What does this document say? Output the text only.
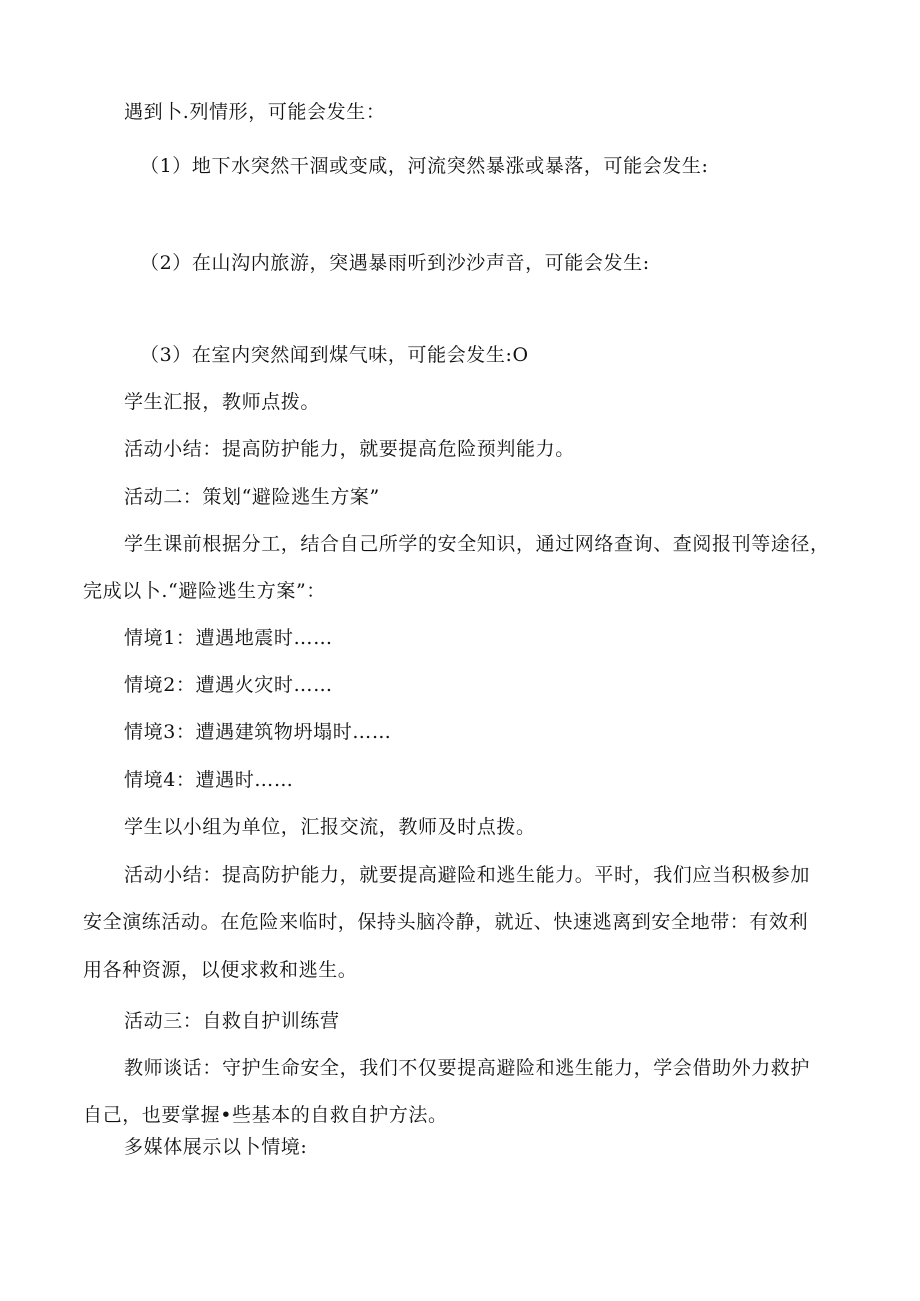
遇到卜.列情形，可能会发生：
（1）地下水突然干涸或变咸，河流突然暴涨或暴落，可能会发生:
（2）在山沟内旅游，突遇暴雨听到沙沙声音，可能会发生:
（3）在室内突然闻到煤气味，可能会发生:O
学生汇报，教师点拨。
活动小结：提高防护能力，就要提高危险预判能力。
活动二：策划“避险逃生方案”
学生课前根据分工，结合自己所学的安全知识，通过网络查询、查阅报刊等途径，
完成以卜.“避险逃生方案”：
情境1：遭遇地震时……
情境2：遭遇火灾时……
情境3：遭遇建筑物坍塌时……
情境4：遭遇时……
学生以小组为单位，汇报交流，教师及时点拨。
活动小结：提高防护能力，就要提高避险和逃生能力。平时，我们应当积极参加
安全演练活动。在危险来临时，保持头脑冷静，就近、快速逃离到安全地带：有效利
用各种资源，以便求救和逃生。
活动三：自救自护训练营
教师谈话：守护生命安全，我们不仅要提高避险和逃生能力，学会借助外力救护
自己，也要掌握•些基本的自救自护方法。
多媒体展示以卜情境:
